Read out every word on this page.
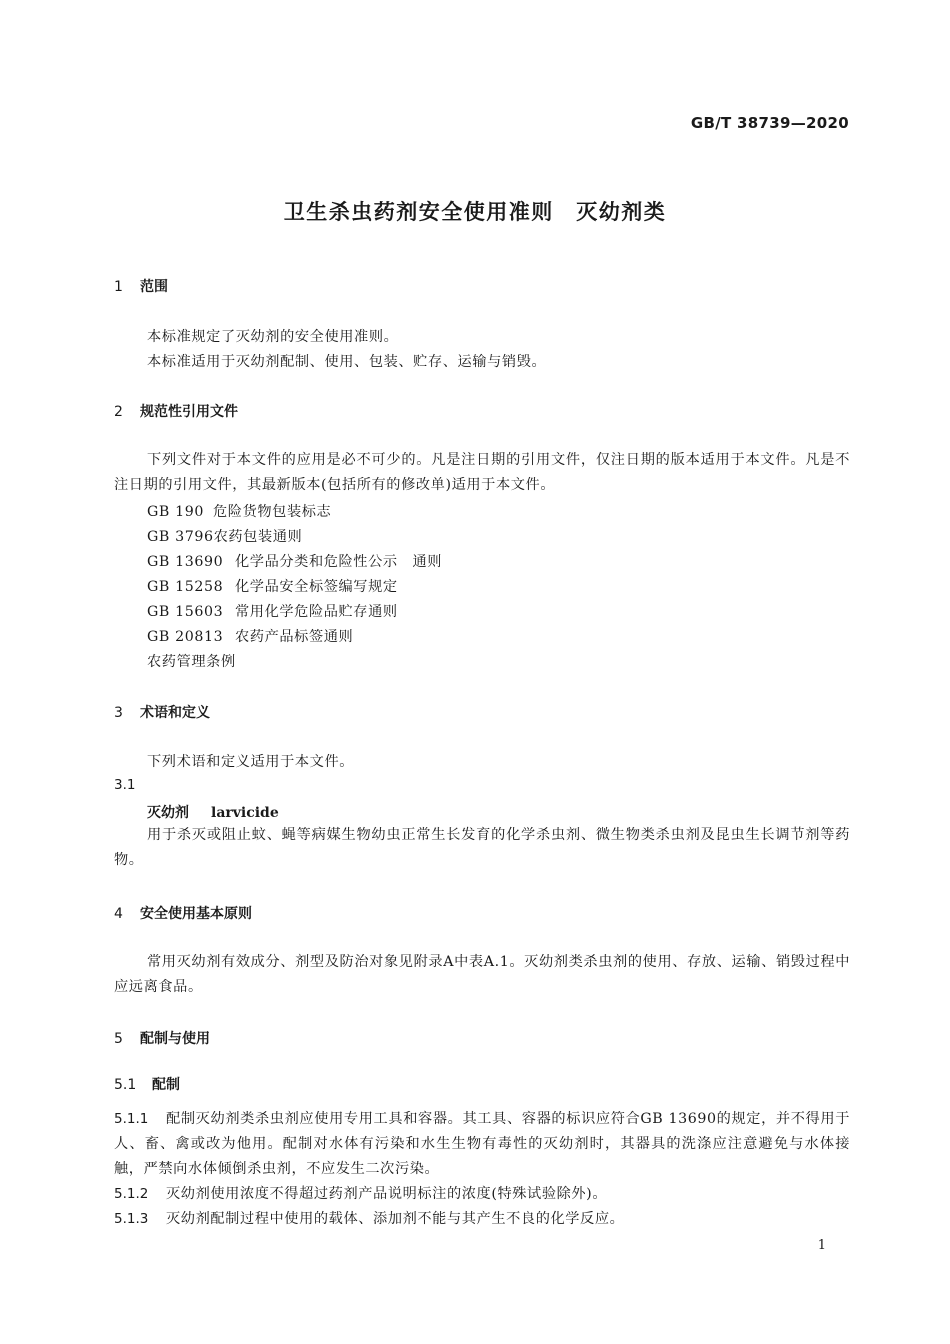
GB/T 38739—2020
卫生杀虫药剂安全使用准则　灭幼剂类
1 范围
本标准规定了灭幼剂的安全使用准则。
本标准适用于灭幼剂配制、使用、包装、贮存、运输与销毁。
2 规范性引用文件
下列文件对于本文件的应用是必不可少的。凡是注日期的引用文件，仅注日期的版本适用于本文件。凡是不注日期的引用文件，其最新版本(包括所有的修改单)适用于本文件。
GB 190 危险货物包装标志
GB 3796农药包装通则
GB 13690 化学品分类和危险性公示　通则
GB 15258 化学品安全标签编写规定
GB 15603 常用化学危险品贮存通则
GB 20813 农药产品标签通则
农药管理条例
3 术语和定义
下列术语和定义适用于本文件。
3.1
灭幼剂 larvicide
用于杀灭或阻止蚊、蝇等病媒生物幼虫正常生长发育的化学杀虫剂、微生物类杀虫剂及昆虫生长调节剂等药物。
4 安全使用基本原则
常用灭幼剂有效成分、剂型及防治对象见附录A中表A.1。灭幼剂类杀虫剂的使用、存放、运输、销毁过程中应远离食品。
5 配制与使用
5.1 配制
5.1.1 配制灭幼剂类杀虫剂应使用专用工具和容器。其工具、容器的标识应符合GB 13690的规定，并不得用于人、畜、禽或改为他用。配制对水体有污染和水生生物有毒性的灭幼剂时，其器具的洗涤应注意避免与水体接触，严禁向水体倾倒杀虫剂，不应发生二次污染。
5.1.2 灭幼剂使用浓度不得超过药剂产品说明标注的浓度(特殊试验除外)。
5.1.3 灭幼剂配制过程中使用的载体、添加剂不能与其产生不良的化学反应。
1
